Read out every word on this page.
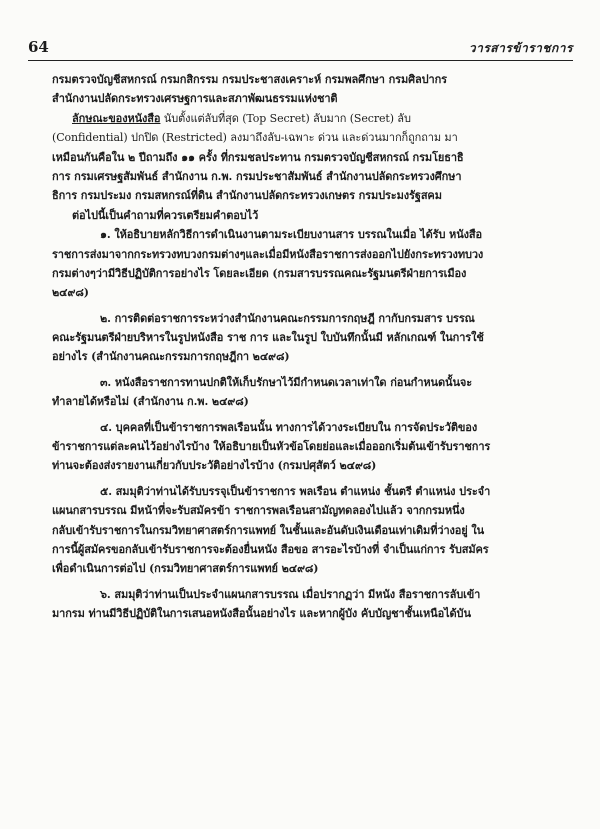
64	วารสารข้าราชการ
กรมตรวจบัญชีสหกรณ์ กรมกสิกรรม กรมประชาสงเคราะห์ กรมพลศึกษา กรมศิลปากร
สำนักงานปลัดกระทรวงเศรษฐการและสภาพัฒนธรรมแห่งชาติ
ลักษณะของหนังสือ นับตั้งแต่ลับที่สุด (Top Secret) ลับมาก (Secret) ลับ
(Confidential) ปกปิด (Restricted) ลงมาถึงลับ-เฉพาะ ด่วน และด่วนมากก็ถูกถาม มา
เหมือนกันคือใน ๒ ปีถามถึง ๑๑ ครั้ง ที่กรมชลประทาน กรมตรวจบัญชีสหกรณ์ กรมโยธาธิ
การ กรมเศรษฐสัมพันธ์ สำนักงาน ก.พ. กรมประชาสัมพันธ์ สำนักงานปลัดกระทรวงศึกษา
ธิการ กรมประมง กรมสหกรณ์ที่ดิน สำนักงานปลัดกระทรวงเกษตร กรมประมงรัฐสคม
ต่อไปนี้เป็นคำถามที่ควรเตรียมคำตอบไว้
๑. ให้อธิบายหลักวิธีการดำเนินงานตามระเบียบงานสาร บรรณในเมื่อ ได้รับ หนังสือ
ราชการส่งมาจากกระทรวงทบวงกรมต่างๆและเมื่อมีหนังสือราชการส่งออกไปยังกระทรวงทบวง
กรมต่างๆว่ามีวิธีปฏิบัติการอย่างไร โดยละเอียด (กรมสารบรรณคณะรัฐมนตรีฝ่ายการเมือง
๒๔๙๘)
๒. การติดต่อราชการระหว่างสำนักงานคณะกรรมการกฤษฎี กากับกรมสาร บรรณ
คณะรัฐมนตรีฝ่ายบริหารในรูปหนังสือ ราช การ และในรูป ใบบันทึกนั้นมี หลักเกณฑ์ ในการใช้
อย่างไร (สำนักงานคณะกรรมการกฤษฎีกา ๒๔๙๘)
๓. หนังสือราชการทานปกติให้เก็บรักษาไว้มีกำหนดเวลาเท่าใด ก่อนกำหนดนั้นจะ
ทำลายได้หรือไม่ (สำนักงาน ก.พ. ๒๔๙๘)
๔. บุคคลที่เป็นข้าราชการพลเรือนนั้น ทางการได้วางระเบียบใน การจัดประวัติของ
ข้าราชการแต่ละคนไว้อย่างไรบ้าง ให้อธิบายเป็นหัวข้อโดยย่อและเมื่อออกเริ่มต้นเข้ารับราชการ
ท่านจะต้องส่งรายงานเกี่ยวกับประวัติอย่างไรบ้าง (กรมปศุสัตว์ ๒๔๙๘)
๕. สมมุติว่าท่านได้รับบรรจุเป็นข้าราชการ พลเรือน ตำแหน่ง ชั้นตรี ตำแหน่ง ประจำ
แผนกสารบรรณ มีหน้าที่จะรับสมัครข้า ราชการพลเรือนสามัญทดลองไปแล้ว จากกรมหนึ่ง
กลับเข้ารับราชการในกรมวิทยาศาสตร์การแพทย์ ในชั้นและอันดับเงินเดือนเท่าเดิมที่ว่างอยู่ ใน
การนี้ผู้สมัครขอกลับเข้ารับราชการจะต้องยื่นหนัง สือขอ สารอะไรบ้างที่ จำเป็นแก่การ รับสมัคร
เพื่อดำเนินการต่อไป (กรมวิทยาศาสตร์การแพทย์ ๒๔๙๘)
๖. สมมุติว่าท่านเป็นประจำแผนกสารบรรณ เมื่อปรากฏว่า มีหนัง สือราชการลับเข้า
มากรม ท่านมีวิธีปฏิบัติในการเสนอหนังสือนั้นอย่างไร และหากผู้บัง คับบัญชาชั้นเหนือได้บัน
